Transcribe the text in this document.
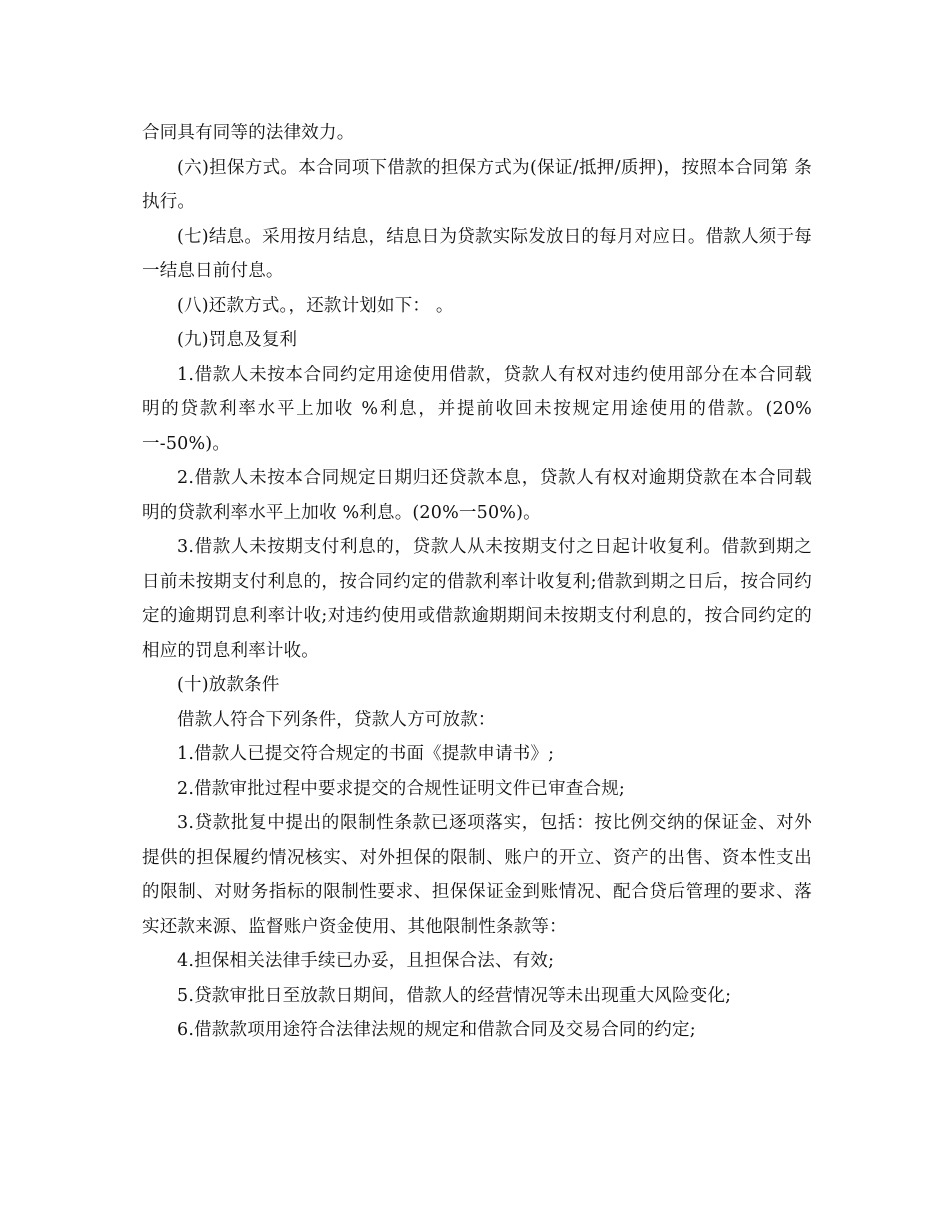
合同具有同等的法律效力。

(六)担保方式。本合同项下借款的担保方式为(保证/抵押/质押)，按照本合同第 条执行。

(七)结息。采用按月结息，结息日为贷款实际发放日的每月对应日。借款人须于每一结息日前付息。

(八)还款方式。，还款计划如下： 。

(九)罚息及复利

1.借款人未按本合同约定用途使用借款，贷款人有权对违约使用部分在本合同载明的贷款利率水平上加收 %利息，并提前收回未按规定用途使用的借款。(20%一-50%)。

2.借款人未按本合同规定日期归还贷款本息，贷款人有权对逾期贷款在本合同载明的贷款利率水平上加收 %利息。(20%一50%)。

3.借款人未按期支付利息的，贷款人从未按期支付之日起计收复利。借款到期之日前未按期支付利息的，按合同约定的借款利率计收复利;借款到期之日后，按合同约定的逾期罚息利率计收;对违约使用或借款逾期期间未按期支付利息的，按合同约定的相应的罚息利率计收。

(十)放款条件

借款人符合下列条件，贷款人方可放款：

1.借款人已提交符合规定的书面《提款申请书》;

2.借款审批过程中要求提交的合规性证明文件已审查合规;

3.贷款批复中提出的限制性条款已逐项落实，包括：按比例交纳的保证金、对外提供的担保履约情况核实、对外担保的限制、账户的开立、资产的出售、资本性支出的限制、对财务指标的限制性要求、担保保证金到账情况、配合贷后管理的要求、落实还款来源、监督账户资金使用、其他限制性条款等：

4.担保相关法律手续已办妥，且担保合法、有效;

5.贷款审批日至放款日期间，借款人的经营情况等未出现重大风险变化;

6.借款款项用途符合法律法规的规定和借款合同及交易合同的约定;
